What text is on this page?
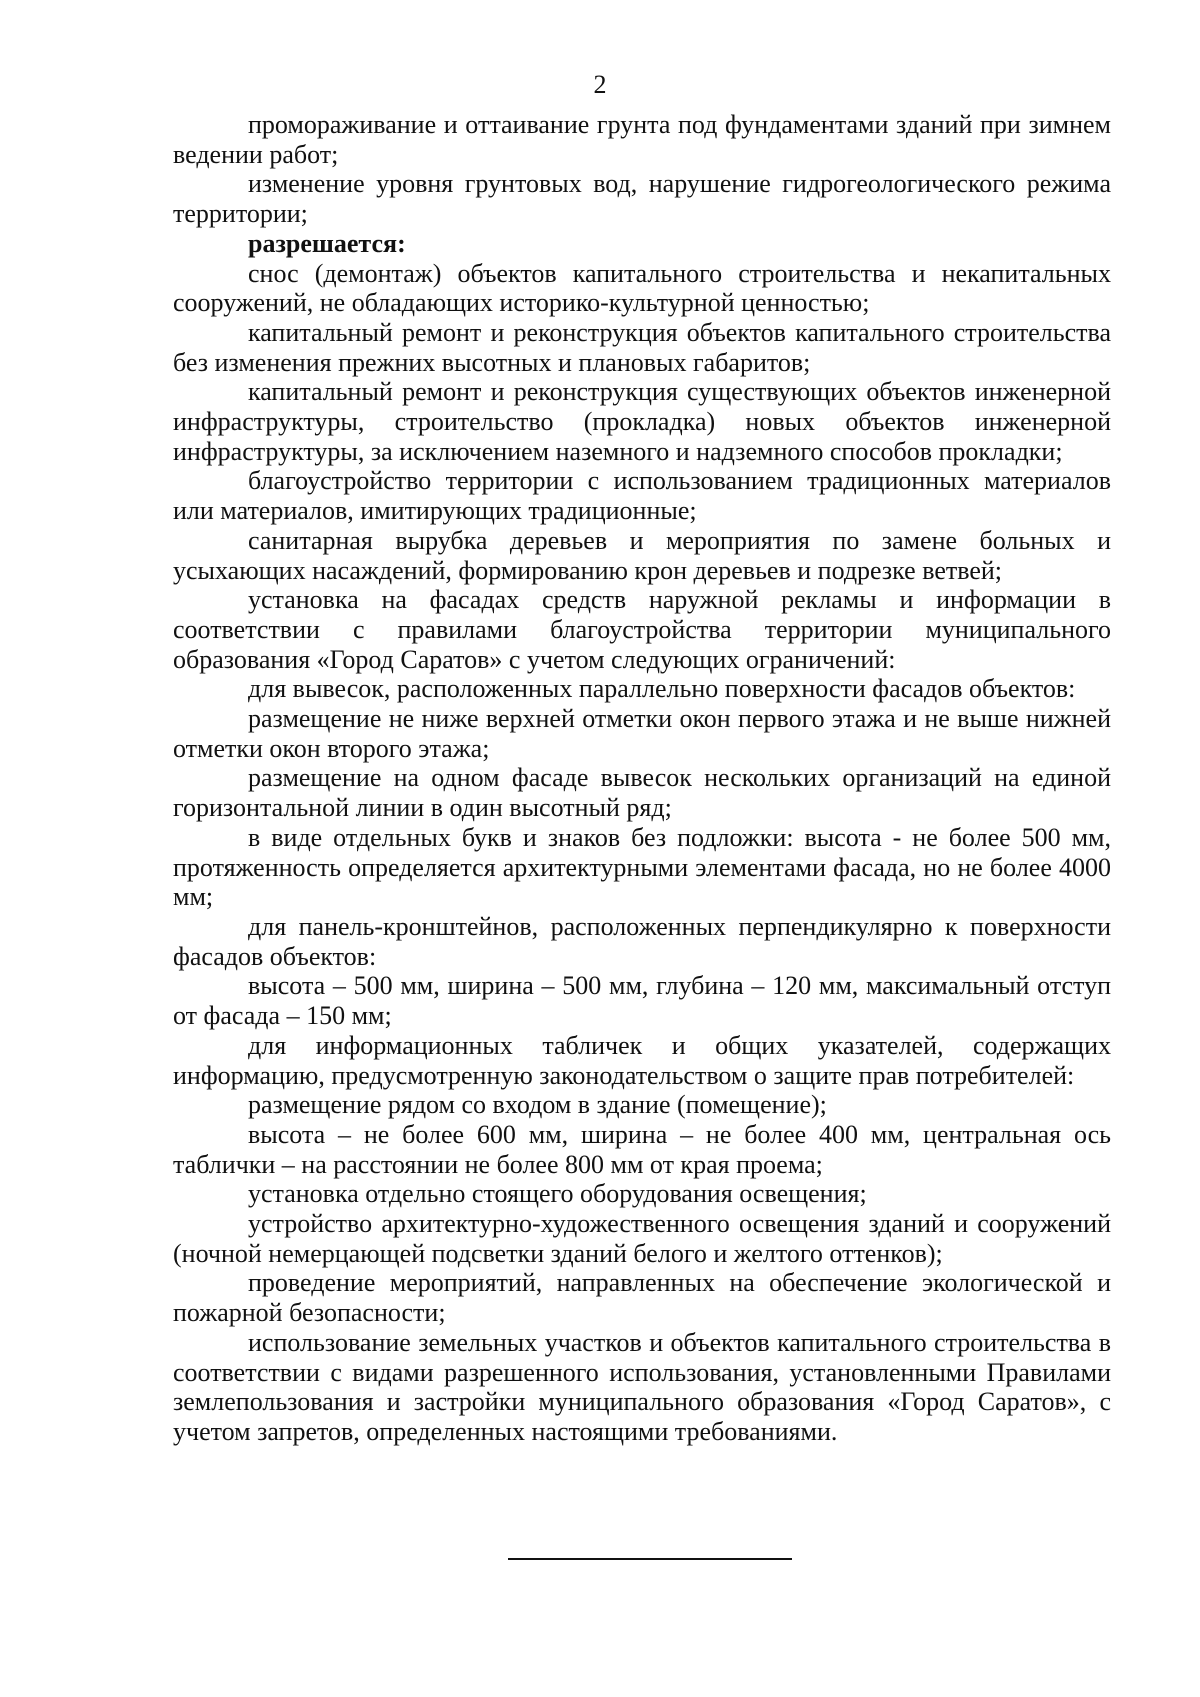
2

промораживание и оттаивание грунта под фундаментами зданий при зимнем ведении работ;

изменение уровня грунтовых вод, нарушение гидрогеологического режима территории;

разрешается:

снос (демонтаж) объектов капитального строительства и некапитальных сооружений, не обладающих историко-культурной ценностью;

капитальный ремонт и реконструкция объектов капитального строительства без изменения прежних высотных и плановых габаритов;

капитальный ремонт и реконструкция существующих объектов инженерной инфраструктуры, строительство (прокладка) новых объектов инженерной инфраструктуры, за исключением наземного и надземного способов прокладки;

благоустройство территории с использованием традиционных материалов или материалов, имитирующих традиционные;

санитарная вырубка деревьев и мероприятия по замене больных и усыхающих насаждений, формированию крон деревьев и подрезке ветвей;

установка на фасадах средств наружной рекламы и информации в соответствии с правилами благоустройства территории муниципального образования «Город Саратов» с учетом следующих ограничений:

для вывесок, расположенных параллельно поверхности фасадов объектов:

размещение не ниже верхней отметки окон первого этажа и не выше нижней отметки окон второго этажа;

размещение на одном фасаде вывесок нескольких организаций на единой горизонтальной линии в один высотный ряд;

в виде отдельных букв и знаков без подложки: высота - не более 500 мм, протяженность определяется архитектурными элементами фасада, но не более 4000 мм;

для панель-кронштейнов, расположенных перпендикулярно к поверхности фасадов объектов:

высота – 500 мм, ширина – 500 мм, глубина – 120 мм, максимальный отступ от фасада – 150 мм;

для информационных табличек и общих указателей, содержащих информацию, предусмотренную законодательством о защите прав потребителей:

размещение рядом со входом в здание (помещение);

высота – не более 600 мм, ширина – не более 400 мм, центральная ось таблички – на расстоянии не более 800 мм от края проема;

установка отдельно стоящего оборудования освещения;

устройство архитектурно-художественного освещения зданий и сооружений (ночной немерцающей подсветки зданий белого и желтого оттенков);

проведение мероприятий, направленных на обеспечение экологической и пожарной безопасности;

использование земельных участков и объектов капитального строительства в соответствии с видами разрешенного использования, установленными Правилами землепользования и застройки муниципального образования «Город Саратов», с учетом запретов, определенных настоящими требованиями.
